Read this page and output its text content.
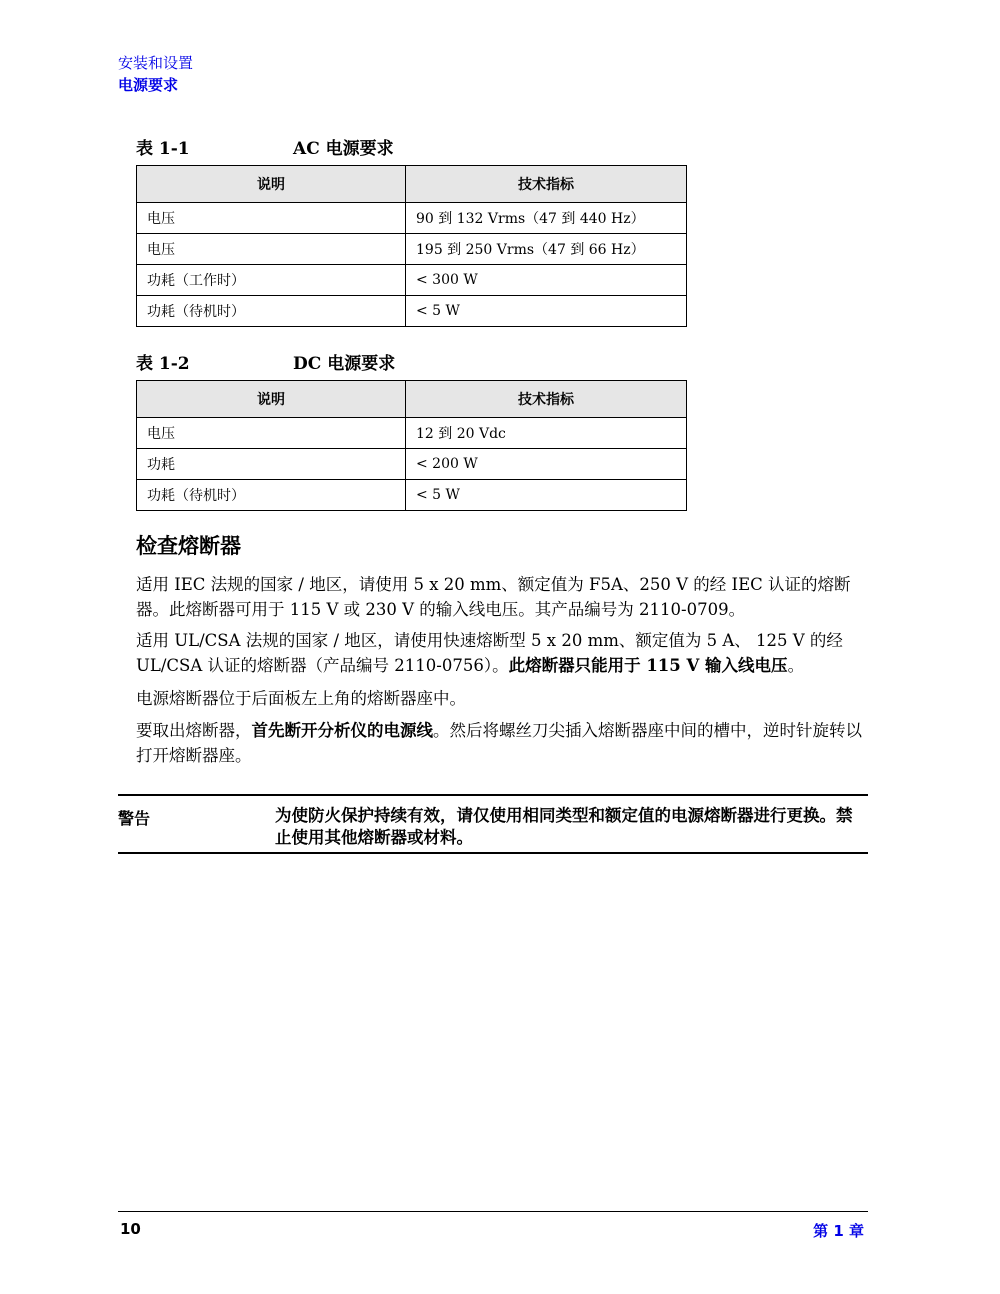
安装和设置
电源要求
表 1-1	AC 电源要求
说明	技术指标
电压	90 到 132 Vrms（47 到 440 Hz）
电压	195 到 250 Vrms（47 到 66 Hz）
功耗（工作时）	< 300 W
功耗（待机时）	< 5 W
表 1-2	DC 电源要求
说明	技术指标
电压	12 到 20 Vdc
功耗	< 200 W
功耗（待机时）	< 5 W
检查熔断器

适用 IEC 法规的国家 / 地区，请使用 5 x 20 mm、额定值为 F5A、250 V 的经 IEC 认证的熔断器。此熔断器可用于 115 V 或 230 V 的输入线电压。其产品编号为 2110-0709。

适用 UL/CSA 法规的国家 / 地区，请使用快速熔断型 5 x 20 mm、额定值为 5 A、 125 V 的经 UL/CSA 认证的熔断器（产品编号 2110-0756）。此熔断器只能用于 115 V 输入线电压。

电源熔断器位于后面板左上角的熔断器座中。

要取出熔断器，首先断开分析仪的电源线。然后将螺丝刀尖插入熔断器座中间的槽中，逆时针旋转以打开熔断器座。

警告	为使防火保护持续有效，请仅使用相同类型和额定值的电源熔断器进行更换。禁止使用其他熔断器或材料。

10	第 1 章
